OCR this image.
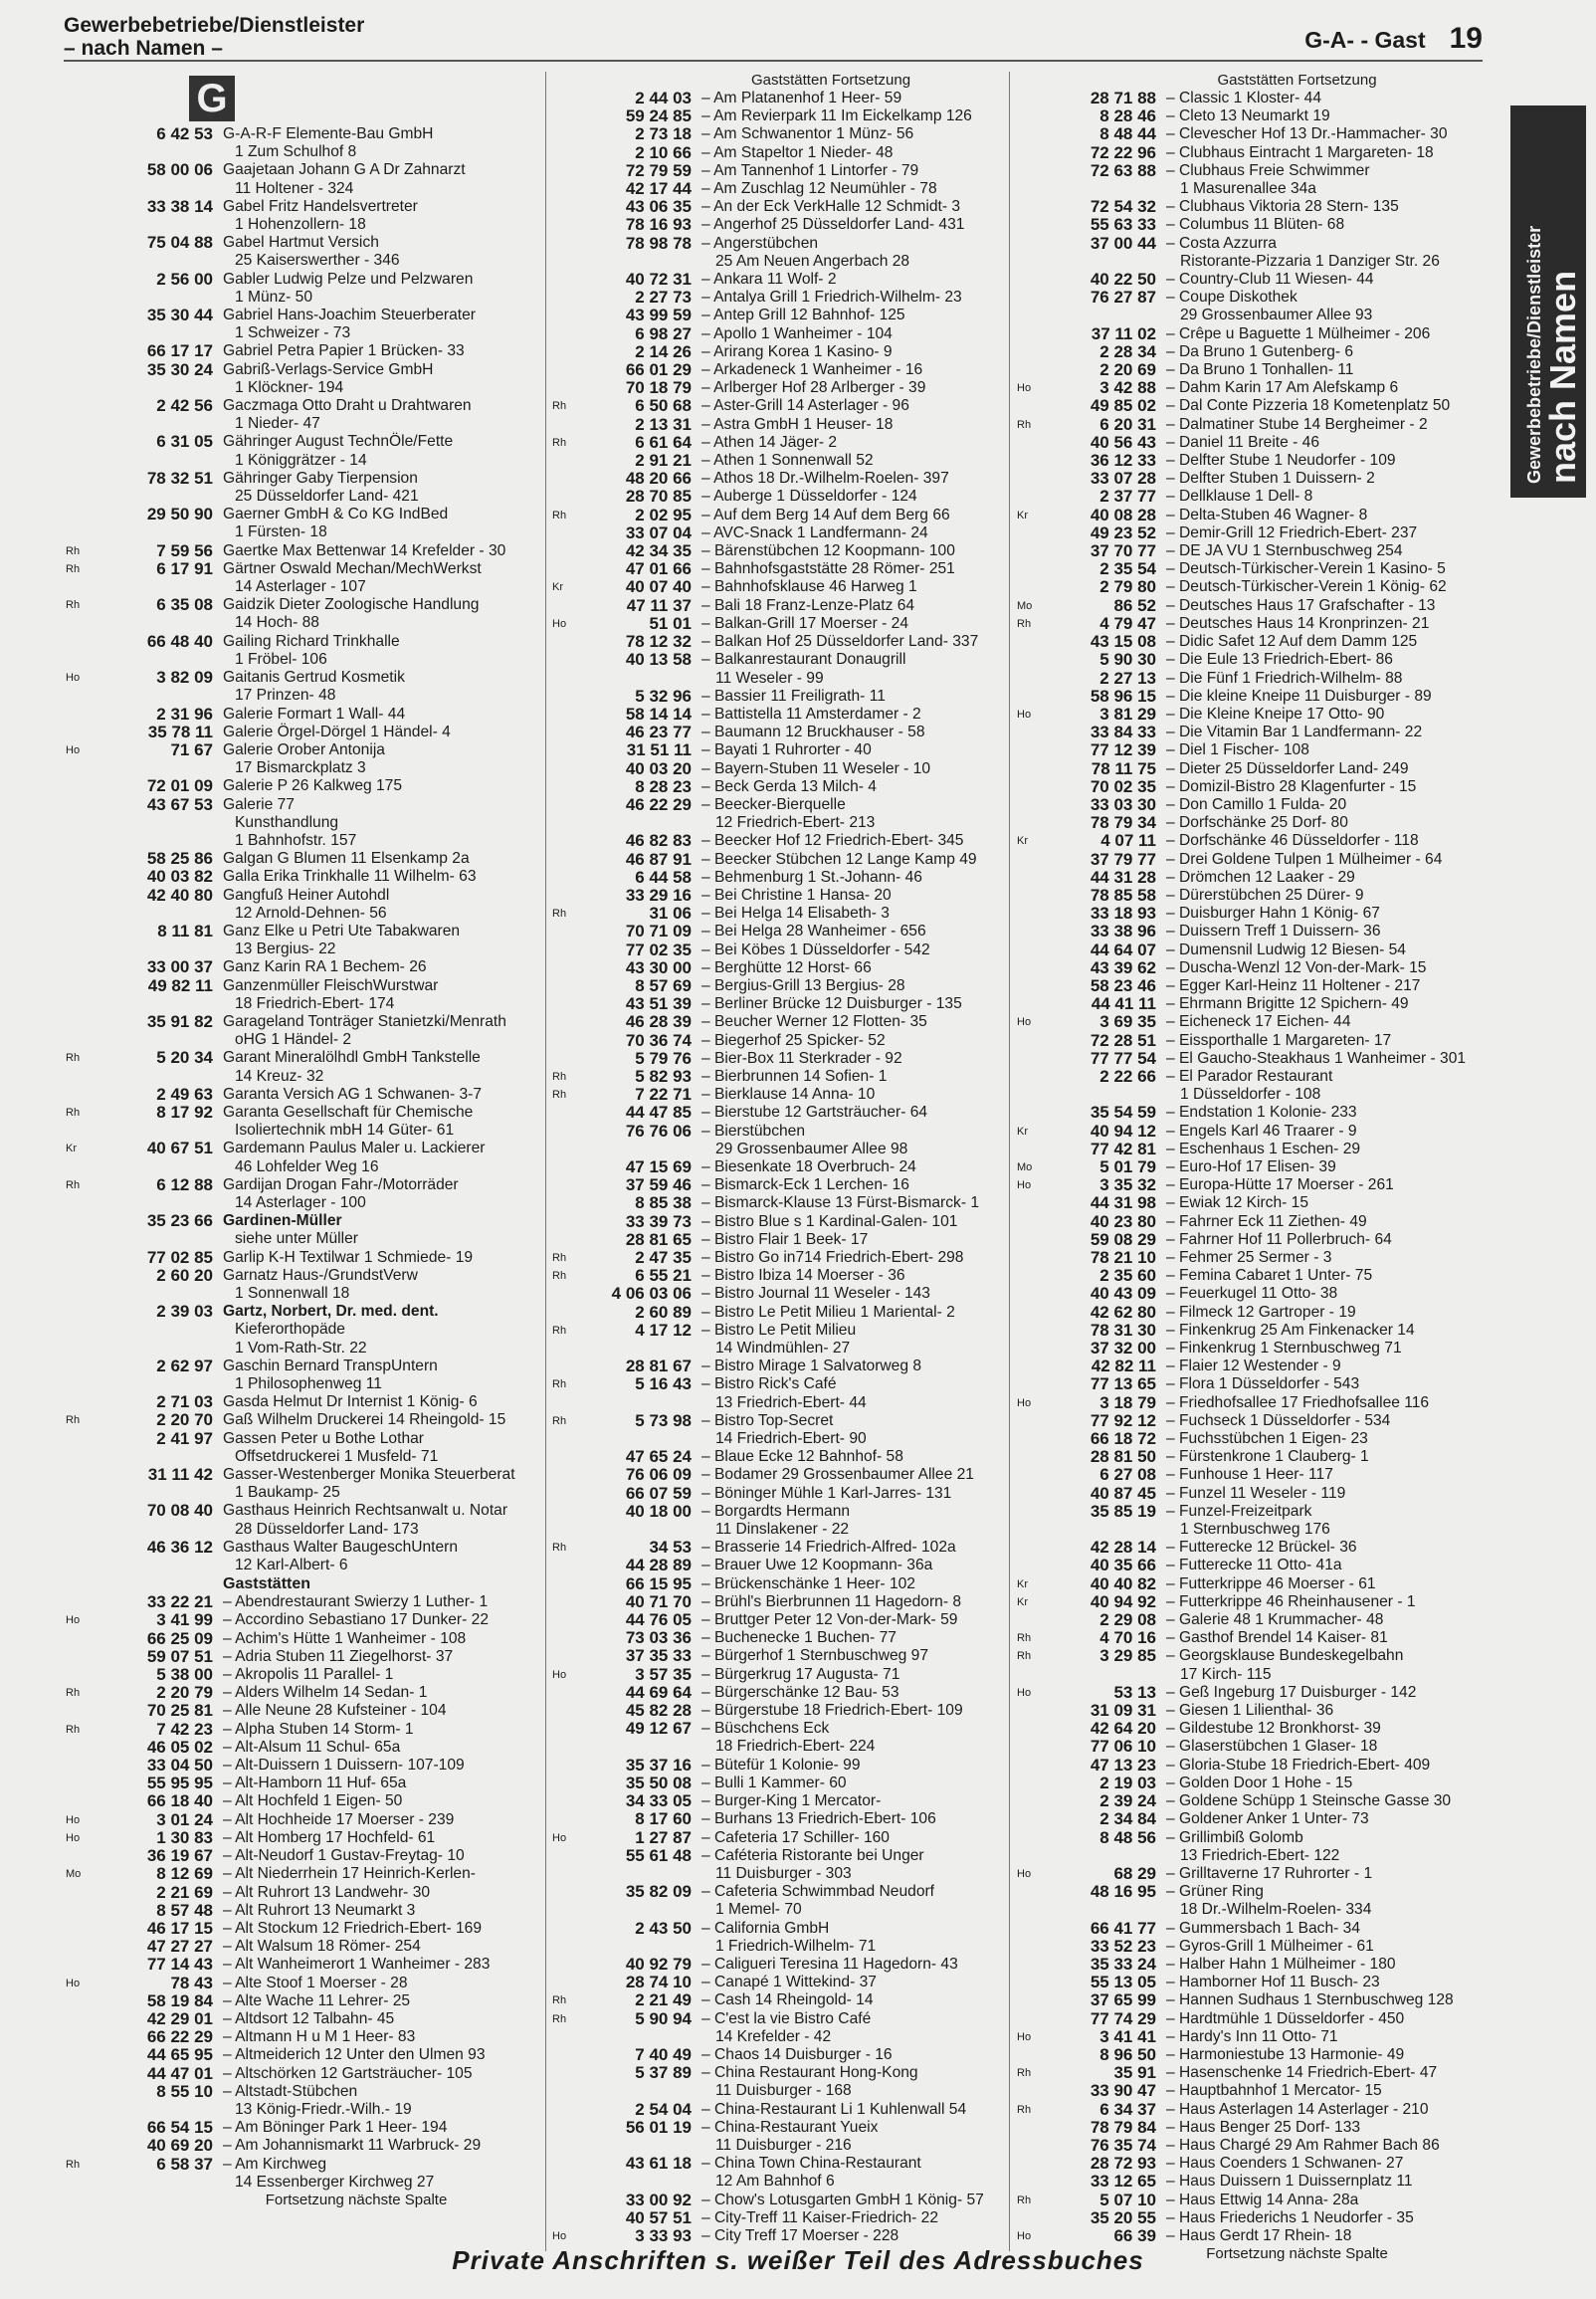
Gewerbebetriebe/Dienstleister
– nach Namen –	G-A- - Gast 19
G
6 42 53 G-A-R-F Elemente-Bau GmbH
1 Zum Schulhof 8
58 00 06 Gaajetaan Johann G A Dr Zahnarzt
11 Holtener - 324
33 38 14 Gabel Fritz Handelsvertreter
1 Hohenzollern- 18
75 04 88 Gabel Hartmut Versich
25 Kaiserswerther - 346
2 56 00 Gabler Ludwig Pelze und Pelzwaren
1 Münz- 50
35 30 44 Gabriel Hans-Joachim Steuerberater
1 Schweizer - 73
66 17 17 Gabriel Petra Papier 1 Brücken- 33
35 30 24 Gabriß-Verlags-Service GmbH
1 Klöckner- 194
2 42 56 Gaczmaga Otto Draht u Drahtwaren
1 Nieder- 47
6 31 05 Gähringer August TechnÖle/Fette
1 Königgrätzer - 14
78 32 51 Gähringer Gaby Tierpension
25 Düsseldorfer Land- 421
29 50 90 Gaerner GmbH & Co KG IndBed
1 Fürsten- 18
Rh	7 59 56 Gaertke Max Bettenwar 14 Krefelder - 30
Rh	6 17 91 Gärtner Oswald Mechan/MechWerkst
14 Asterlager - 107
Rh	6 35 08 Gaidzik Dieter Zoologische Handlung
14 Hoch- 88
66 48 40 Gailing Richard Trinkhalle
1 Fröbel- 106
Ho	3 82 09 Gaitanis Gertrud Kosmetik
17 Prinzen- 48
2 31 96 Galerie Formart 1 Wall- 44
35 78 11 Galerie Örgel-Dörgel 1 Händel- 4
Ho	71 67 Galerie Orober Antonija
17 Bismarckplatz 3
72 01 09 Galerie P 26 Kalkweg 175
43 67 53 Galerie 77
Kunsthandlung
1 Bahnhofstr. 157
58 25 86 Galgan G Blumen 11 Elsenkamp 2a
40 03 82 Galla Erika Trinkhalle 11 Wilhelm- 63
42 40 80 Gangfuß Heiner Autohdl
12 Arnold-Dehnen- 56
8 11 81 Ganz Elke u Petri Ute Tabakwaren
13 Bergius- 22
33 00 37 Ganz Karin RA 1 Bechem- 26
49 82 11 Ganzenmüller FleischWurstwar
18 Friedrich-Ebert- 174
35 91 82 Garageland Tonträger Stanietzki/Menrath
oHG 1 Händel- 2
Rh	5 20 34 Garant Mineralölhdl GmbH Tankstelle
14 Kreuz- 32
2 49 63 Garanta Versich AG 1 Schwanen- 3-7
Rh	8 17 92 Garanta Gesellschaft für Chemische
Isoliertechnik mbH 14 Güter- 61
Kr	40 67 51 Gardemann Paulus Maler u. Lackierer
46 Lohfelder Weg 16
Rh	6 12 88 Gardijan Drogan Fahr-/Motorräder
14 Asterlager - 100
35 23 66 Gardinen-Müller
siehe unter Müller
77 02 85 Garlip K-H Textilwar 1 Schmiede- 19
2 60 20 Garnatz Haus-/GrundstVerw
1 Sonnenwall 18
2 39 03 Gartz, Norbert, Dr. med. dent.
Kieferorthopäde
1 Vom-Rath-Str. 22
2 62 97 Gaschin Bernard TranspUntern
1 Philosophenweg 11
2 71 03 Gasda Helmut Dr Internist 1 König- 6
Rh	2 20 70 Gaß Wilhelm Druckerei 14 Rheingold- 15
2 41 97 Gassen Peter u Bothe Lothar
Offsetdruckerei 1 Musfeld- 71
31 11 42 Gasser-Westenberger Monika Steuerberat
1 Baukamp- 25
70 08 40 Gasthaus Heinrich Rechtsanwalt u. Notar
28 Düsseldorfer Land- 173
46 36 12 Gasthaus Walter BaugeschUntern
12 Karl-Albert- 6
Gaststätten
33 22 21 – Abendrestaurant Swierzy 1 Luther- 1
Ho	3 41 99 – Accordino Sebastiano 17 Dunker- 22
66 25 09 – Achim's Hütte 1 Wanheimer - 108
59 07 51 – Adria Stuben 11 Ziegelhorst- 37
5 38 00 – Akropolis 11 Parallel- 1
Rh	2 20 79 – Alders Wilhelm 14 Sedan- 1
70 25 81 – Alle Neune 28 Kufsteiner - 104
Rh	7 42 23 – Alpha Stuben 14 Storm- 1
46 05 02 – Alt-Alsum 11 Schul- 65a
33 04 50 – Alt-Duissern 1 Duissern- 107-109
55 95 95 – Alt-Hamborn 11 Huf- 65a
66 18 40 – Alt Hochfeld 1 Eigen- 50
Ho	3 01 24 – Alt Hochheide 17 Moerser - 239
Ho	1 30 83 – Alt Homberg 17 Hochfeld- 61
36 19 67 – Alt-Neudorf 1 Gustav-Freytag- 10
Mo	8 12 69 – Alt Niederrhein 17 Heinrich-Kerlen-
2 21 69 – Alt Ruhrort 13 Landwehr- 30
8 57 48 – Alt Ruhrort 13 Neumarkt 3
46 17 15 – Alt Stockum 12 Friedrich-Ebert- 169
47 27 27 – Alt Walsum 18 Römer- 254
77 14 43 – Alt Wanheimerort 1 Wanheimer - 283
Ho	78 43 – Alte Stoof 1 Moerser - 28
58 19 84 – Alte Wache 11 Lehrer- 25
42 29 01 – Altdsort 12 Talbahn- 45
66 22 29 – Altmann H u M 1 Heer- 83
44 65 95 – Altmeiderich 12 Unter den Ulmen 93
44 47 01 – Altschörken 12 Gartsträucher- 105
8 55 10 – Altstadt-Stübchen
13 König-Friedr.-Wilh.- 19
66 54 15 – Am Böninger Park 1 Heer- 194
40 69 20 – Am Johannismarkt 11 Warbruck- 29
Rh	6 58 37 – Am Kirchweg
14 Essenberger Kirchweg 27
Fortsetzung nächste Spalte
Gaststätten Fortsetzung
2 44 03 – Am Platanenhof 1 Heer- 59
59 24 85 – Am Revierpark 11 Im Eickelkamp 126
2 73 18 – Am Schwanentor 1 Münz- 56
2 10 66 – Am Stapeltor 1 Nieder- 48
72 79 59 – Am Tannenhof 1 Lintorfer - 79
42 17 44 – Am Zuschlag 12 Neumühler - 78
43 06 35 – An der Eck VerkHalle 12 Schmidt- 3
78 16 93 – Angerhof 25 Düsseldorfer Land- 431
78 98 78 – Angerstübchen
25 Am Neuen Angerbach 28
40 72 31 – Ankara 11 Wolf- 2
2 27 73 – Antalya Grill 1 Friedrich-Wilhelm- 23
43 99 59 – Antep Grill 12 Bahnhof- 125
6 98 27 – Apollo 1 Wanheimer - 104
2 14 26 – Arirang Korea 1 Kasino- 9
66 01 29 – Arkadeneck 1 Wanheimer - 16
70 18 79 – Arlberger Hof 28 Arlberger - 39
Rh	6 50 68 – Aster-Grill 14 Asterlager - 96
2 13 31 – Astra GmbH 1 Heuser- 18
Rh	6 61 64 – Athen 14 Jäger- 2
2 91 21 – Athen 1 Sonnenwall 52
48 20 66 – Athos 18 Dr.-Wilhelm-Roelen- 397
28 70 85 – Auberge 1 Düsseldorfer - 124
Rh	2 02 95 – Auf dem Berg 14 Auf dem Berg 66
33 07 04 – AVC-Snack 1 Landfermann- 24
42 34 35 – Bärenstübchen 12 Koopmann- 100
47 01 66 – Bahnhofsgaststätte 28 Römer- 251
Kr	40 07 40 – Bahnhofsklause 46 Harweg 1
47 11 37 – Bali 18 Franz-Lenze-Platz 64
Ho	51 01 – Balkan-Grill 17 Moerser - 24
78 12 32 – Balkan Hof 25 Düsseldorfer Land- 337
40 13 58 – Balkanrestaurant Donaugrill
11 Weseler - 99
5 32 96 – Bassier 11 Freiligrath- 11
58 14 14 – Battistella 11 Amsterdamer - 2
46 23 77 – Baumann 12 Bruckhauser - 58
31 51 11 – Bayati 1 Ruhrorter - 40
40 03 20 – Bayern-Stuben 11 Weseler - 10
8 28 23 – Beck Gerda 13 Milch- 4
46 22 29 – Beecker-Bierquelle
12 Friedrich-Ebert- 213
46 82 83 – Beecker Hof 12 Friedrich-Ebert- 345
46 87 91 – Beecker Stübchen 12 Lange Kamp 49
6 44 58 – Behmenburg 1 St.-Johann- 46
33 29 16 – Bei Christine 1 Hansa- 20
Rh	31 06 – Bei Helga 14 Elisabeth- 3
70 71 09 – Bei Helga 28 Wanheimer - 656
77 02 35 – Bei Köbes 1 Düsseldorfer - 542
43 30 00 – Berghütte 12 Horst- 66
8 57 69 – Bergius-Grill 13 Bergius- 28
43 51 39 – Berliner Brücke 12 Duisburger - 135
46 28 39 – Beucher Werner 12 Flotten- 35
70 36 74 – Biegerhof 25 Spicker- 52
5 79 76 – Bier-Box 11 Sterkrader - 92
Rh	5 82 93 – Bierbrunnen 14 Sofien- 1
Rh	7 22 71 – Bierklause 14 Anna- 10
44 47 85 – Bierstube 12 Gartsträucher- 64
76 76 06 – Bierstübchen
29 Grossenbaumer Allee 98
47 15 69 – Biesenkate 18 Overbruch- 24
37 59 46 – Bismarck-Eck 1 Lerchen- 16
8 85 38 – Bismarck-Klause 13 Fürst-Bismarck- 1
33 39 73 – Bistro Blue s 1 Kardinal-Galen- 101
28 81 65 – Bistro Flair 1 Beek- 17
Rh	2 47 35 – Bistro Go in714 Friedrich-Ebert- 298
Rh	6 55 21 – Bistro Ibiza 14 Moerser - 36
4 06 03 06 – Bistro Journal 11 Weseler - 143
2 60 89 – Bistro Le Petit Milieu 1 Mariental- 2
Rh	4 17 12 – Bistro Le Petit Milieu
14 Windmühlen- 27
28 81 67 – Bistro Mirage 1 Salvatorweg 8
Rh	5 16 43 – Bistro Rick's Café
13 Friedrich-Ebert- 44
Rh	5 73 98 – Bistro Top-Secret
14 Friedrich-Ebert- 90
47 65 24 – Blaue Ecke 12 Bahnhof- 58
76 06 09 – Bodamer 29 Grossenbaumer Allee 21
66 07 59 – Böninger Mühle 1 Karl-Jarres- 131
40 18 00 – Borgardts Hermann
11 Dinslakener - 22
Rh	34 53 – Brasserie 14 Friedrich-Alfred- 102a
44 28 89 – Brauer Uwe 12 Koopmann- 36a
66 15 95 – Brückenschänke 1 Heer- 102
40 71 70 – Brühl's Bierbrunnen 11 Hagedorn- 8
44 76 05 – Bruttger Peter 12 Von-der-Mark- 59
73 03 36 – Buchenecke 1 Buchen- 77
37 35 33 – Bürgerhof 1 Sternbuschweg 97
Ho	3 57 35 – Bürgerkrug 17 Augusta- 71
44 69 64 – Bürgerschänke 12 Bau- 53
45 82 28 – Bürgerstube 18 Friedrich-Ebert- 109
49 12 67 – Büschchens Eck
18 Friedrich-Ebert- 224
35 37 16 – Bütefür 1 Kolonie- 99
35 50 08 – Bulli 1 Kammer- 60
34 33 05 – Burger-King 1 Mercator-
8 17 60 – Burhans 13 Friedrich-Ebert- 106
Ho	1 27 87 – Cafeteria 17 Schiller- 160
55 61 48 – Caféteria Ristorante bei Unger
11 Duisburger - 303
35 82 09 – Cafeteria Schwimmbad Neudorf
1 Memel- 70
2 43 50 – California GmbH
1 Friedrich-Wilhelm- 71
40 92 79 – Caligueri Teresina 11 Hagedorn- 43
28 74 10 – Canapé 1 Wittekind- 37
Rh	2 21 49 – Cash 14 Rheingold- 14
Rh	5 90 94 – C'est la vie Bistro Café
14 Krefelder - 42
7 40 49 – Chaos 14 Duisburger - 16
5 37 89 – China Restaurant Hong-Kong
11 Duisburger - 168
2 54 04 – China-Restaurant Li 1 Kuhlenwall 54
56 01 19 – China-Restaurant Yueix
11 Duisburger - 216
43 61 18 – China Town China-Restaurant
12 Am Bahnhof 6
33 00 92 – Chow's Lotusgarten GmbH 1 König- 57
40 57 51 – City-Treff 11 Kaiser-Friedrich- 22
Ho	3 33 93 – City Treff 17 Moerser - 228
Gaststätten Fortsetzung
28 71 88 – Classic 1 Kloster- 44
8 28 46 – Cleto 13 Neumarkt 19
8 48 44 – Clevescher Hof 13 Dr.-Hammacher- 30
72 22 96 – Clubhaus Eintracht 1 Margareten- 18
72 63 88 – Clubhaus Freie Schwimmer
1 Masurenallee 34a
72 54 32 – Clubhaus Viktoria 28 Stern- 135
55 63 33 – Columbus 11 Blüten- 68
37 00 44 – Costa Azzurra
Ristorante-Pizzaria 1 Danziger Str. 26
40 22 50 – Country-Club 11 Wiesen- 44
76 27 87 – Coupe Diskothek
29 Grossenbaumer Allee 93
37 11 02 – Crêpe u Baguette 1 Mülheimer - 206
2 28 34 – Da Bruno 1 Gutenberg- 6
2 20 69 – Da Bruno 1 Tonhallen- 11
Ho	3 42 88 – Dahm Karin 17 Am Alefskamp 6
49 85 02 – Dal Conte Pizzeria 18 Kometenplatz 50
Rh	6 20 31 – Dalmatiner Stube 14 Bergheimer - 2
40 56 43 – Daniel 11 Breite - 46
36 12 33 – Delfter Stube 1 Neudorfer - 109
33 07 28 – Delfter Stuben 1 Duissern- 2
2 37 77 – Dellklause 1 Dell- 8
Kr	40 08 28 – Delta-Stuben 46 Wagner- 8
49 23 52 – Demir-Grill 12 Friedrich-Ebert- 237
37 70 77 – DE JA VU 1 Sternbuschweg 254
2 35 54 – Deutsch-Türkischer-Verein 1 Kasino- 5
2 79 80 – Deutsch-Türkischer-Verein 1 König- 62
Mo	86 52 – Deutsches Haus 17 Grafschafter - 13
Rh	4 79 47 – Deutsches Haus 14 Kronprinzen- 21
43 15 08 – Didic Safet 12 Auf dem Damm 125
5 90 30 – Die Eule 13 Friedrich-Ebert- 86
2 27 13 – Die Fünf 1 Friedrich-Wilhelm- 88
58 96 15 – Die kleine Kneipe 11 Duisburger - 89
Ho	3 81 29 – Die Kleine Kneipe 17 Otto- 90
33 84 33 – Die Vitamin Bar 1 Landfermann- 22
77 12 39 – Diel 1 Fischer- 108
78 11 75 – Dieter 25 Düsseldorfer Land- 249
70 02 35 – Domizil-Bistro 28 Klagenfurter - 15
33 03 30 – Don Camillo 1 Fulda- 20
78 79 34 – Dorfschänke 25 Dorf- 80
Kr	4 07 11 – Dorfschänke 46 Düsseldorfer - 118
37 79 77 – Drei Goldene Tulpen 1 Mülheimer - 64
44 31 28 – Drömchen 12 Laaker - 29
78 85 58 – Dürerstübchen 25 Dürer- 9
33 18 93 – Duisburger Hahn 1 König- 67
33 38 96 – Duissern Treff 1 Duissern- 36
44 64 07 – Dumensnil Ludwig 12 Biesen- 54
43 39 62 – Duscha-Wenzl 12 Von-der-Mark- 15
58 23 46 – Egger Karl-Heinz 11 Holtener - 217
44 41 11 – Ehrmann Brigitte 12 Spichern- 49
Ho	3 69 35 – Eicheneck 17 Eichen- 44
72 28 51 – Eissporthalle 1 Margareten- 17
77 77 54 – El Gaucho-Steakhaus 1 Wanheimer - 301
2 22 66 – El Parador Restaurant
1 Düsseldorfer - 108
35 54 59 – Endstation 1 Kolonie- 233
Kr	40 94 12 – Engels Karl 46 Traarer - 9
77 42 81 – Eschenhaus 1 Eschen- 29
Mo	5 01 79 – Euro-Hof 17 Elisen- 39
Ho	3 35 32 – Europa-Hütte 17 Moerser - 261
44 31 98 – Ewiak 12 Kirch- 15
40 23 80 – Fahrner Eck 11 Ziethen- 49
59 08 29 – Fahrner Hof 11 Pollerbruch- 64
78 21 10 – Fehmer 25 Sermer - 3
2 35 60 – Femina Cabaret 1 Unter- 75
40 43 09 – Feuerkugel 11 Otto- 38
42 62 80 – Filmeck 12 Gartroper - 19
78 31 30 – Finkenkrug 25 Am Finkenacker 14
37 32 00 – Finkenkrug 1 Sternbuschweg 71
42 82 11 – Flaier 12 Westender - 9
77 13 65 – Flora 1 Düsseldorfer - 543
Ho	3 18 79 – Friedhofsallee 17 Friedhofsallee 116
77 92 12 – Fuchseck 1 Düsseldorfer - 534
66 18 72 – Fuchsstübchen 1 Eigen- 23
28 81 50 – Fürstenkrone 1 Clauberg- 1
6 27 08 – Funhouse 1 Heer- 117
40 87 45 – Funzel 11 Weseler - 119
35 85 19 – Funzel-Freizeitpark
1 Sternbuschweg 176
42 28 14 – Futterecke 12 Brückel- 36
40 35 66 – Futterecke 11 Otto- 41a
Kr	40 40 82 – Futterkrippe 46 Moerser - 61
Kr	40 94 92 – Futterkrippe 46 Rheinhausener - 1
2 29 08 – Galerie 48 1 Krummacher- 48
Rh	4 70 16 – Gasthof Brendel 14 Kaiser- 81
Rh	3 29 85 – Georgsklause Bundeskegelbahn
17 Kirch- 115
Ho	53 13 – Geß Ingeburg 17 Duisburger - 142
31 09 31 – Giesen 1 Lilienthal- 36
42 64 20 – Gildestube 12 Bronkhorst- 39
77 06 10 – Glaserstübchen 1 Glaser- 18
47 13 23 – Gloria-Stube 18 Friedrich-Ebert- 409
2 19 03 – Golden Door 1 Hohe - 15
2 39 24 – Goldene Schüpp 1 Steinsche Gasse 30
2 34 84 – Goldener Anker 1 Unter- 73
8 48 56 – Grillimbiß Golomb
13 Friedrich-Ebert- 122
Ho	68 29 – Grilltaverne 17 Ruhrorter - 1
48 16 95 – Grüner Ring
18 Dr.-Wilhelm-Roelen- 334
66 41 77 – Gummersbach 1 Bach- 34
33 52 23 – Gyros-Grill 1 Mülheimer - 61
35 33 24 – Halber Hahn 1 Mülheimer - 180
55 13 05 – Hamborner Hof 11 Busch- 23
37 65 99 – Hannen Sudhaus 1 Sternbuschweg 128
77 74 29 – Hardtmühle 1 Düsseldorfer - 450
Ho	3 41 41 – Hardy's Inn 11 Otto- 71
8 96 50 – Harmoniestube 13 Harmonie- 49
Rh	35 91 – Hasenschenke 14 Friedrich-Ebert- 47
33 90 47 – Hauptbahnhof 1 Mercator- 15
Rh	6 34 37 – Haus Asterlagen 14 Asterlager - 210
78 79 84 – Haus Benger 25 Dorf- 133
76 35 74 – Haus Chargé 29 Am Rahmer Bach 86
28 72 93 – Haus Coenders 1 Schwanen- 27
33 12 65 – Haus Duissern 1 Duissernplatz 11
Rh	5 07 10 – Haus Ettwig 14 Anna- 28a
35 20 55 – Haus Friederichs 1 Neudorfer - 35
Ho	66 39 – Haus Gerdt 17 Rhein- 18
Fortsetzung nächste Spalte
Gewerbebetriebe/Dienstleister
nach Namen
Private Anschriften s. weißer Teil des Adressbuches
